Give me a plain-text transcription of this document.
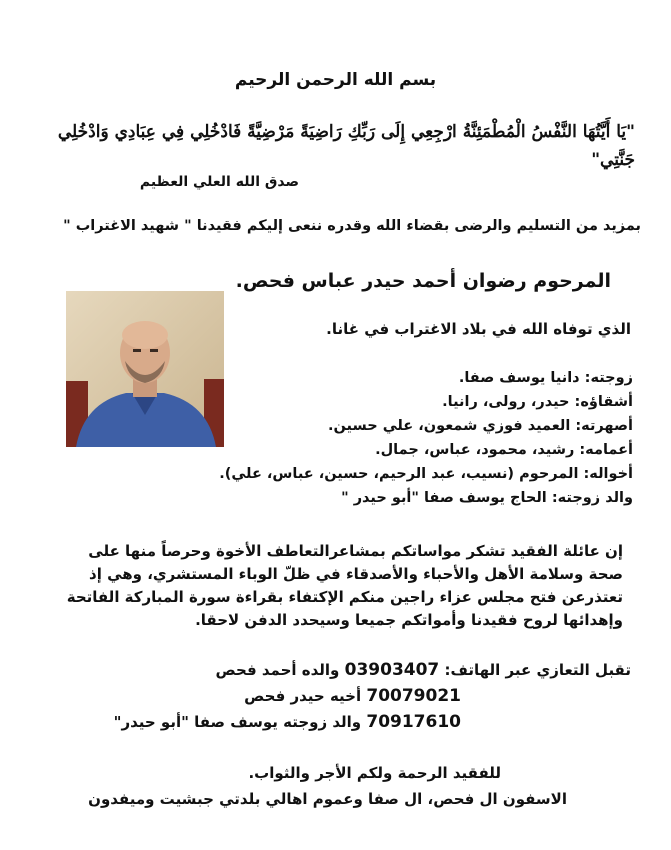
بسم الله الرحمن الرحيم
"يَا أَيَّتُهَا النَّفْسُ الْمُطْمَئِنَّةُ ارْجِعِي إِلَى رَبِّكِ رَاضِيَةً مَرْضِيَّةً فَادْخُلِي فِي عِبَادِي وَادْخُلِي جَنَّتِي"
صدق الله العلي العظيم
بمزيد من التسليم والرضى بقضاء الله وقدره ننعى إليكم فقيدنا " شهيد الاغتراب "
المرحوم رضوان أحمد حيدر عباس فحص.
الذي توفاه الله في بلاد الاغتراب في غانا.
زوجته: دانيا يوسف صفا.
أشقاؤه: حيدر، رولى، رانيا.
أصهرته: العميد فوزي شمعون، علي حسين.
أعمامه: رشيد، محمود، عباس، جمال.
أخواله: المرحوم (نسيب، عبد الرحيم، حسين، عباس، علي).
والد زوجته: الحاج يوسف صفا "أبو حيدر "
إن عائلة الفقيد تشكر مواساتكم بمشاعرالتعاطف الأخوة وحرصاً منها على صحة وسلامة الأهل والأحباء والأصدقاء في ظلّ الوباء المستشري، وهي إذ تعتذرعن فتح مجلس عزاء راجين منكم الإكتفاء بقراءة سورة المباركة الفاتحة وإهدائها لروح فقيدنا وأمواتكم جميعا وسيحدد الدفن لاحقا.
تقبل التعازي عبر الهاتف: 03903407 والده أحمد فحص
70079021 أخيه حيدر فحص
70917610 والد زوجته يوسف صفا "أبو حيدر"
للفقيد الرحمة ولكم الأجر والثواب.
الاسفون ال فحص، ال صفا وعموم اهالي بلدتي جبشيت وميفدون
